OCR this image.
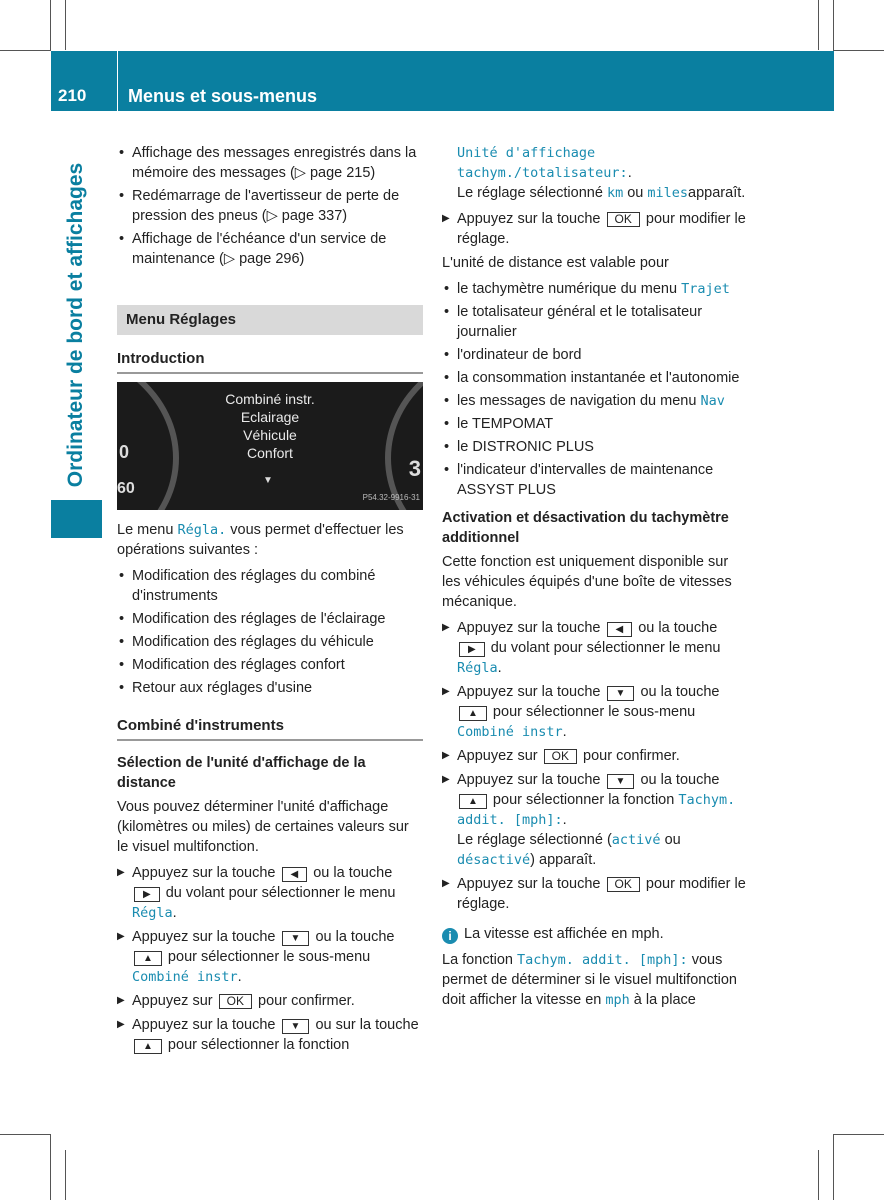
210 Menus et sous-menus
Ordinateur de bord et affichages
• Affichage des messages enregistrés dans la mémoire des messages (▷ page 215)
• Redémarrage de l'avertisseur de perte de pression des pneus (▷ page 337)
• Affichage de l'échéance d'un service de maintenance (▷ page 296)
Menu Réglages
Introduction
0
60
3
Combiné instr.
Eclairage
Véhicule
Confort
▼
P54.32-9916-31

Le menu Régla. vous permet d'effectuer les opérations suivantes :

• Modification des réglages du combiné d'instruments
• Modification des réglages de l'éclairage
• Modification des réglages du véhicule
• Modification des réglages confort
• Retour aux réglages d'usine
Combiné d'instruments
Sélection de l'unité d'affichage de la distance

Vous pouvez déterminer l'unité d'affichage (kilomètres ou miles) de certaines valeurs sur le visuel multifonction.

▶ Appuyez sur la touche ◀ ou la touche ▶ du volant pour sélectionner le menu Régla.
▶ Appuyez sur la touche ▼ ou la touche ▲ pour sélectionner le sous-menu Combiné instr.
▶ Appuyez sur OK pour confirmer.
▶ Appuyez sur la touche ▼ ou sur la touche ▲ pour sélectionner la fonction
Unité d'affichage tachym./totalisateur:.
Le réglage sélectionné km ou milesapparaît.
▶ Appuyez sur la touche OK pour modifier le réglage.

L'unité de distance est valable pour

• le tachymètre numérique du menu Trajet
• le totalisateur général et le totalisateur journalier
• l'ordinateur de bord
• la consommation instantanée et l'autonomie
• les messages de navigation du menu Nav
• le TEMPOMAT
• le DISTRONIC PLUS
• l'indicateur d'intervalles de maintenance ASSYST PLUS
Activation et désactivation du tachymètre additionnel

Cette fonction est uniquement disponible sur les véhicules équipés d'une boîte de vitesses mécanique.

▶ Appuyez sur la touche ◀ ou la touche ▶ du volant pour sélectionner le menu Régla.
▶ Appuyez sur la touche ▼ ou la touche ▲ pour sélectionner le sous-menu Combiné instr.
▶ Appuyez sur OK pour confirmer.
▶ Appuyez sur la touche ▼ ou la touche ▲ pour sélectionner la fonction Tachym. addit. [mph]:.
Le réglage sélectionné (activé ou désactivé) apparaît.
▶ Appuyez sur la touche OK pour modifier le réglage.

i La vitesse est affichée en mph.

La fonction Tachym. addit. [mph]: vous permet de déterminer si le visuel multifonction doit afficher la vitesse en mph à la place
